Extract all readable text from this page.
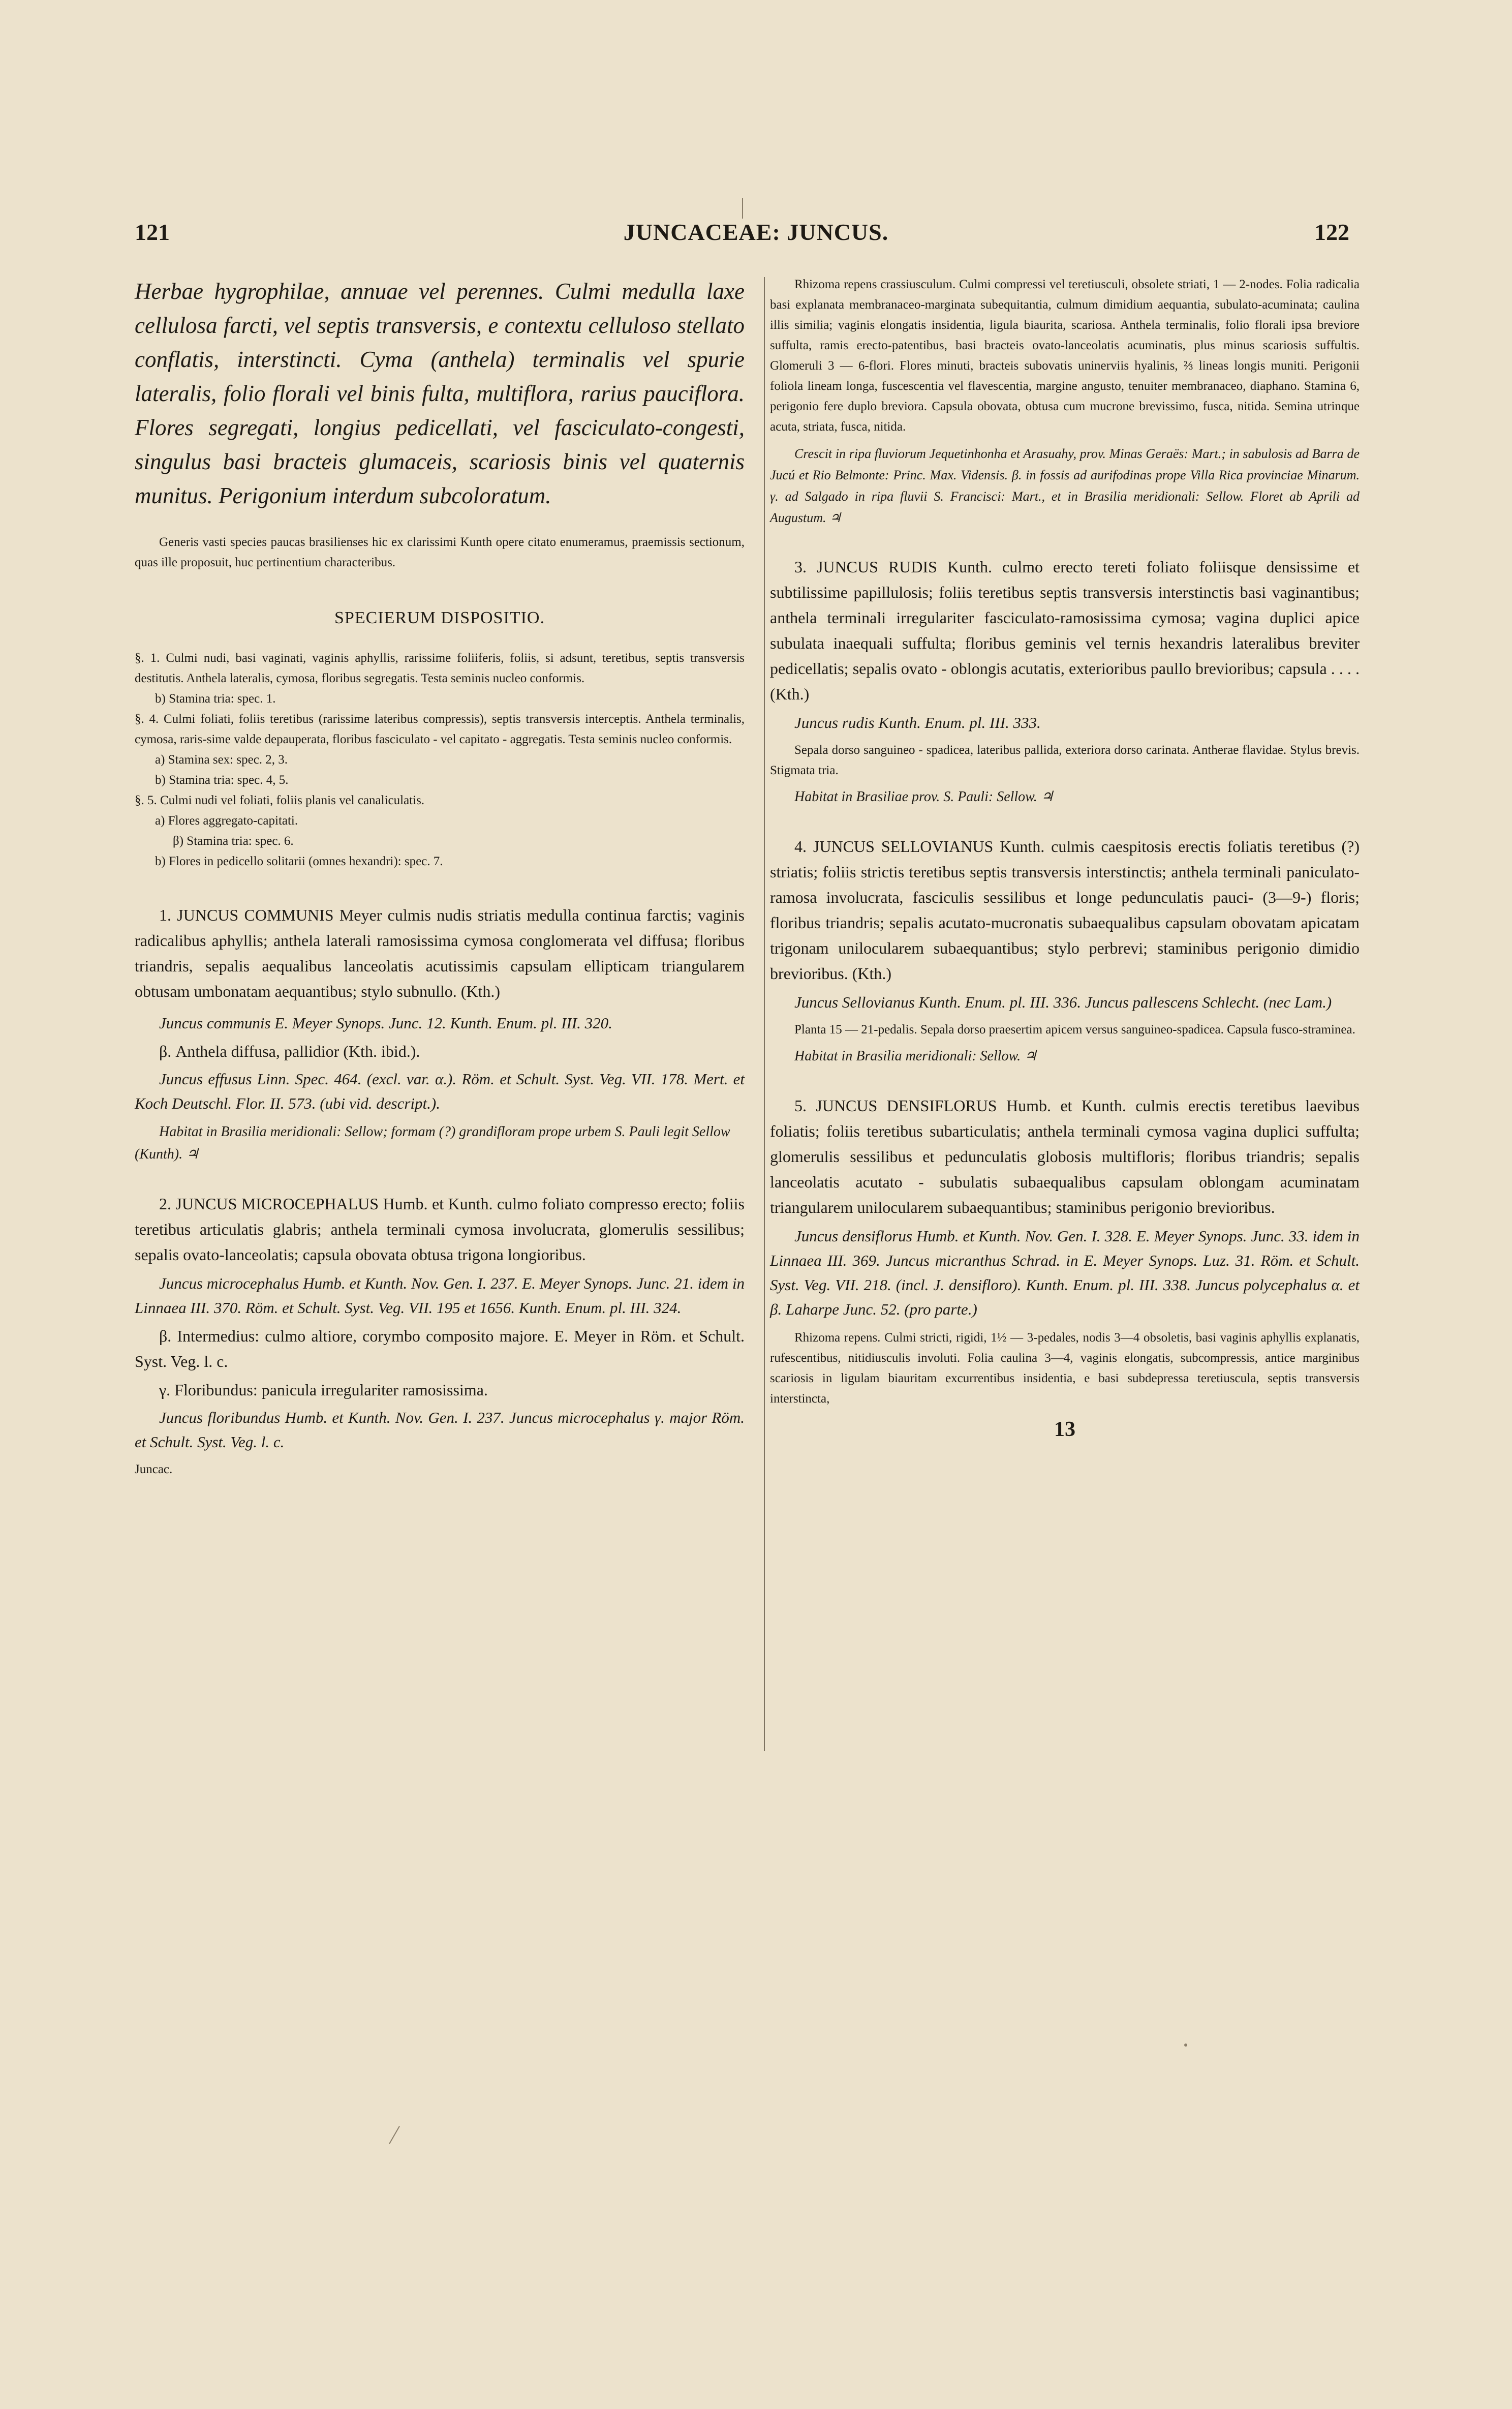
121	JUNCACEAE: JUNCUS.	122

Herbae hygrophilae, annuae vel perennes. Culmi medulla laxe cellulosa farcti, vel septis transversis, e contextu celluloso stellato conflatis, interstincti. Cyma (anthela) terminalis vel spurie lateralis, folio florali vel binis fulta, multiflora, rarius pauciflora. Flores segregati, longius pedicellati, vel fasciculato-congesti, singulus basi bracteis glumaceis, scariosis binis vel quaternis munitus. Perigonium interdum subcoloratum.

Generis vasti species paucas brasilienses hic ex clarissimi Kunth opere citato enumeramus, praemissis sectionum, quas ille proposuit, huc pertinentium characteribus.

SPECIERUM DISPOSITIO.

§. 1. Culmi nudi, basi vaginati, vaginis aphyllis, rarissime foliiferis, foliis, si adsunt, teretibus, septis transversis destitutis. Anthela lateralis, cymosa, floribus segregatis. Testa seminis nucleo conformis.

b) Stamina tria: spec. 1.

§. 4. Culmi foliati, foliis teretibus (rarissime lateribus compressis), septis transversis interceptis. Anthela terminalis, cymosa, raris-sime valde depauperata, floribus fasciculato - vel capitato - aggregatis. Testa seminis nucleo conformis.

a) Stamina sex: spec. 2, 3.

b) Stamina tria: spec. 4, 5.

§. 5. Culmi nudi vel foliati, foliis planis vel canaliculatis.

a) Flores aggregato-capitati.

β) Stamina tria: spec. 6.

b) Flores in pedicello solitarii (omnes hexandri): spec. 7.

1. JUNCUS COMMUNIS Meyer culmis nudis striatis medulla continua farctis; vaginis radicalibus aphyllis; anthela laterali ramosissima cymosa conglomerata vel diffusa; floribus triandris, sepalis aequalibus lanceolatis acutissimis capsulam ellipticam triangularem obtusam umbonatam aequantibus; stylo subnullo. (Kth.)

Juncus communis E. Meyer Synops. Junc. 12. Kunth. Enum. pl. III. 320.

β. Anthela diffusa, pallidior (Kth. ibid.).

Juncus effusus Linn. Spec. 464. (excl. var. α.). Röm. et Schult. Syst. Veg. VII. 178. Mert. et Koch Deutschl. Flor. II. 573. (ubi vid. descript.).

Habitat in Brasilia meridionali: Sellow; formam (?) grandifloram prope urbem S. Pauli legit Sellow (Kunth). ♃

2. JUNCUS MICROCEPHALUS Humb. et Kunth. culmo foliato compresso erecto; foliis teretibus articulatis glabris; anthela terminali cymosa involucrata, glomerulis sessilibus; sepalis ovato-lanceolatis; capsula obovata obtusa trigona longioribus.

Juncus microcephalus Humb. et Kunth. Nov. Gen. I. 237. E. Meyer Synops. Junc. 21. idem in Linnaea III. 370. Röm. et Schult. Syst. Veg. VII. 195 et 1656. Kunth. Enum. pl. III. 324.

β. Intermedius: culmo altiore, corymbo composito majore. E. Meyer in Röm. et Schult. Syst. Veg. l. c.

γ. Floribundus: panicula irregulariter ramosissima.

Juncus floribundus Humb. et Kunth. Nov. Gen. I. 237. Juncus microcephalus γ. major Röm. et Schult. Syst. Veg. l. c.

Juncac.

Rhizoma repens crassiusculum. Culmi compressi vel teretiusculi, obsolete striati, 1 — 2-nodes. Folia radicalia basi explanata membranaceo-marginata subequitantia, culmum dimidium aequantia, subulato-acuminata; caulina illis similia; vaginis elongatis insidentia, ligula biaurita, scariosa. Anthela terminalis, folio florali ipsa breviore suffulta, ramis erecto-patentibus, basi bracteis ovato-lanceolatis acuminatis, plus minus scariosis suffultis. Glomeruli 3 — 6-flori. Flores minuti, bracteis subovatis uninerviis hyalinis, ⅔ lineas longis muniti. Perigonii foliola lineam longa, fuscescentia vel flavescentia, margine angusto, tenuiter membranaceo, diaphano. Stamina 6, perigonio fere duplo breviora. Capsula obovata, obtusa cum mucrone brevissimo, fusca, nitida. Semina utrinque acuta, striata, fusca, nitida.

Crescit in ripa fluviorum Jequetinhonha et Arasuahy, prov. Minas Geraës: Mart.; in sabulosis ad Barra de Jucú et Rio Belmonte: Princ. Max. Vidensis. β. in fossis ad aurifodinas prope Villa Rica provinciae Minarum. γ. ad Salgado in ripa fluvii S. Francisci: Mart., et in Brasilia meridionali: Sellow. Floret ab Aprili ad Augustum. ♃

3. JUNCUS RUDIS Kunth. culmo erecto tereti foliato foliisque densissime et subtilissime papillulosis; foliis teretibus septis transversis interstinctis basi vaginantibus; anthela terminali irregulariter fasciculato-ramosissima cymosa; vagina duplici apice subulata inaequali suffulta; floribus geminis vel ternis hexandris lateralibus breviter pedicellatis; sepalis ovato - oblongis acutatis, exterioribus paullo brevioribus; capsula . . . . (Kth.)

Juncus rudis Kunth. Enum. pl. III. 333.

Sepala dorso sanguineo - spadicea, lateribus pallida, exteriora dorso carinata. Antherae flavidae. Stylus brevis. Stigmata tria.

Habitat in Brasiliae prov. S. Pauli: Sellow. ♃

4. JUNCUS SELLOVIANUS Kunth. culmis caespitosis erectis foliatis teretibus (?) striatis; foliis strictis teretibus septis transversis interstinctis; anthela terminali paniculato-ramosa involucrata, fasciculis sessilibus et longe pedunculatis pauci- (3—9-) floris; floribus triandris; sepalis acutato-mucronatis subaequalibus capsulam obovatam apicatam trigonam unilocularem subaequantibus; stylo perbrevi; staminibus perigonio dimidio brevioribus. (Kth.)

Juncus Sellovianus Kunth. Enum. pl. III. 336. Juncus pallescens Schlecht. (nec Lam.)

Planta 15 — 21-pedalis. Sepala dorso praesertim apicem versus sanguineo-spadicea. Capsula fusco-straminea.

Habitat in Brasilia meridionali: Sellow. ♃

5. JUNCUS DENSIFLORUS Humb. et Kunth. culmis erectis teretibus laevibus foliatis; foliis teretibus subarticulatis; anthela terminali cymosa vagina duplici suffulta; glomerulis sessilibus et pedunculatis globosis multifloris; floribus triandris; sepalis lanceolatis acutato - subulatis subaequalibus capsulam oblongam acuminatam triangularem unilocularem subaequantibus; staminibus perigonio brevioribus.

Juncus densiflorus Humb. et Kunth. Nov. Gen. I. 328. E. Meyer Synops. Junc. 33. idem in Linnaea III. 369. Juncus micranthus Schrad. in E. Meyer Synops. Luz. 31. Röm. et Schult. Syst. Veg. VII. 218. (incl. J. densifloro). Kunth. Enum. pl. III. 338. Juncus polycephalus α. et β. Laharpe Junc. 52. (pro parte.)

Rhizoma repens. Culmi stricti, rigidi, 1½ — 3-pedales, nodis 3—4 obsoletis, basi vaginis aphyllis explanatis, rufescentibus, nitidiusculis involuti. Folia caulina 3—4, vaginis elongatis, subcompressis, antice marginibus scariosis in ligulam biauritam excurrentibus insidentia, e basi subdepressa teretiuscula, septis transversis interstincta,

13
